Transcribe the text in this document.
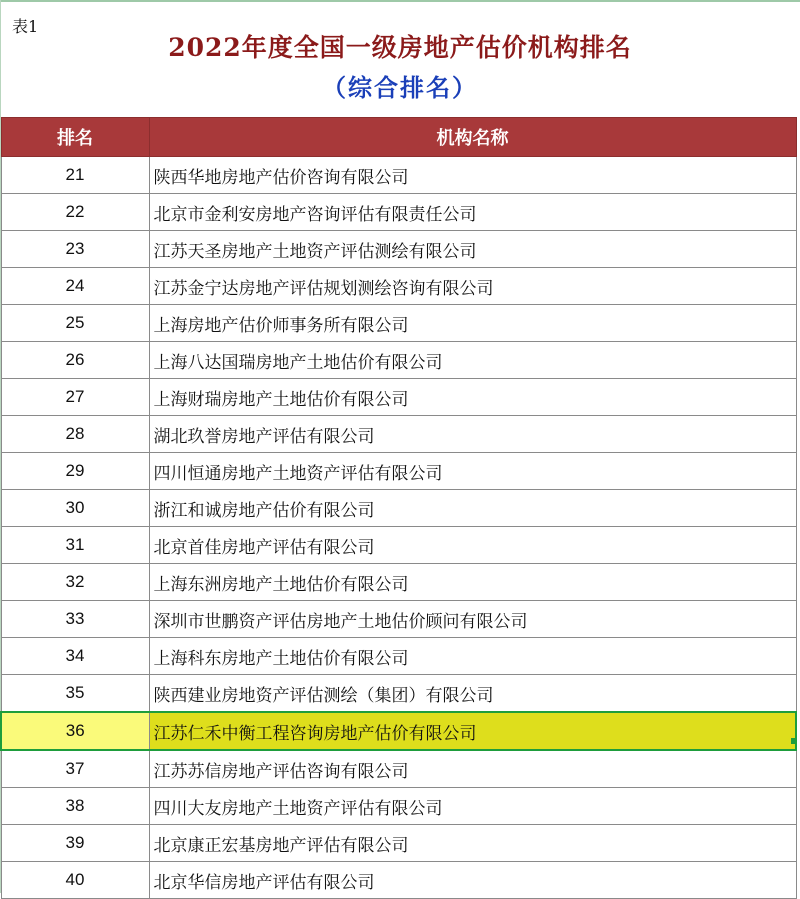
表1
2022年度全国一级房地产估价机构排名
（综合排名）
排名	机构名称
21	陕西华地房地产估价咨询有限公司
22	北京市金利安房地产咨询评估有限责任公司
23	江苏天圣房地产土地资产评估测绘有限公司
24	江苏金宁达房地产评估规划测绘咨询有限公司
25	上海房地产估价师事务所有限公司
26	上海八达国瑞房地产土地估价有限公司
27	上海财瑞房地产土地估价有限公司
28	湖北玖誉房地产评估有限公司
29	四川恒通房地产土地资产评估有限公司
30	浙江和诚房地产估价有限公司
31	北京首佳房地产评估有限公司
32	上海东洲房地产土地估价有限公司
33	深圳市世鹏资产评估房地产土地估价顾问有限公司
34	上海科东房地产土地估价有限公司
35	陕西建业房地资产评估测绘（集团）有限公司
36	江苏仁禾中衡工程咨询房地产估价有限公司
37	江苏苏信房地产评估咨询有限公司
38	四川大友房地产土地资产评估有限公司
39	北京康正宏基房地产评估有限公司
40	北京华信房地产评估有限公司
